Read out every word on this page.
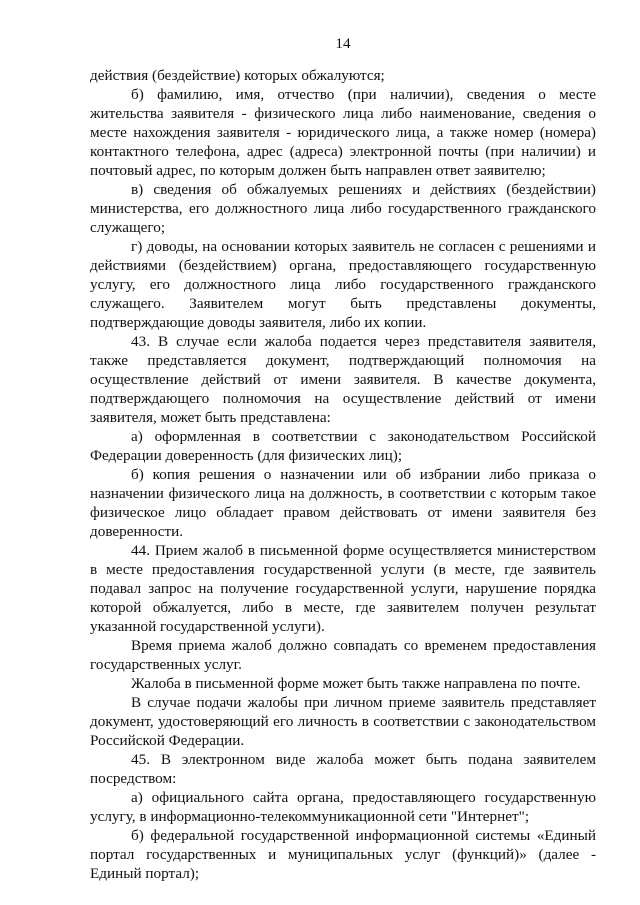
14

действия (бездействие) которых обжалуются;

б) фамилию, имя, отчество (при наличии), сведения о месте жительства заявителя - физического лица либо наименование, сведения о месте нахождения заявителя - юридического лица, а также номер (номера) контактного телефона, адрес (адреса) электронной почты (при наличии) и почтовый адрес, по которым должен быть направлен ответ заявителю;

в) сведения об обжалуемых решениях и действиях (бездействии) министерства, его должностного лица либо государственного гражданского служащего;

г) доводы, на основании которых заявитель не согласен с решениями и действиями (бездействием) органа, предоставляющего государственную услугу, его должностного лица либо государственного гражданского служащего. Заявителем могут быть представлены документы, подтверждающие доводы заявителя, либо их копии.

43. В случае если жалоба подается через представителя заявителя, также представляется документ, подтверждающий полномочия на осуществление действий от имени заявителя. В качестве документа, подтверждающего полномочия на осуществление действий от имени заявителя, может быть представлена:

а) оформленная в соответствии с законодательством Российской Федерации доверенность (для физических лиц);

б) копия решения о назначении или об избрании либо приказа о назначении физического лица на должность, в соответствии с которым такое физическое лицо обладает правом действовать от имени заявителя без доверенности.

44. Прием жалоб в письменной форме осуществляется министерством в месте предоставления государственной услуги (в месте, где заявитель подавал запрос на получение государственной услуги, нарушение порядка которой обжалуется, либо в месте, где заявителем получен результат указанной государственной услуги).

Время приема жалоб должно совпадать со временем предоставления государственных услуг.

Жалоба в письменной форме может быть также направлена по почте.

В случае подачи жалобы при личном приеме заявитель представляет документ, удостоверяющий его личность в соответствии с законодательством Российской Федерации.

45. В электронном виде жалоба может быть подана заявителем посредством:

а) официального сайта органа, предоставляющего государственную услугу, в информационно-телекоммуникационной сети "Интернет";

б) федеральной государственной информационной системы «Единый портал государственных и муниципальных услуг (функций)» (далее - Единый портал);
